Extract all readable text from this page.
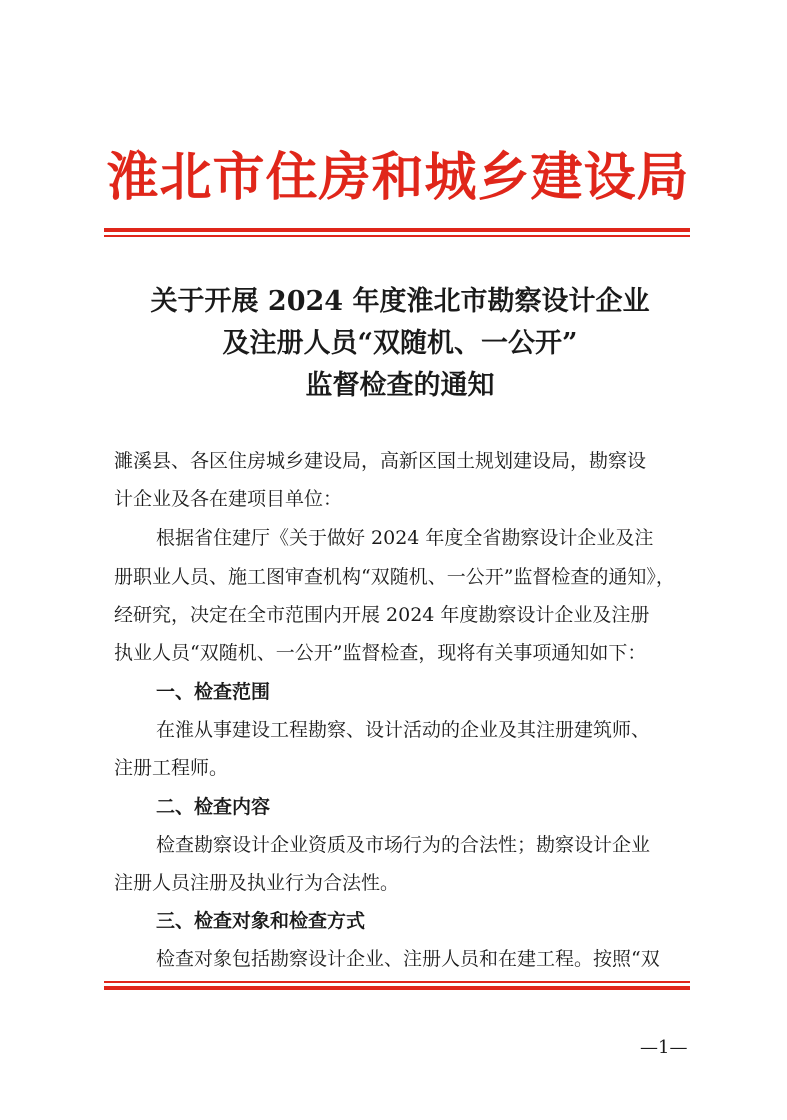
淮北市住房和城乡建设局
关于开展 2024 年度淮北市勘察设计企业
及注册人员“双随机、一公开”
监督检查的通知
濉溪县、各区住房城乡建设局，高新区国土规划建设局，勘察设
计企业及各在建项目单位：
根据省住建厅《关于做好 2024 年度全省勘察设计企业及注
册职业人员、施工图审查机构“双随机、一公开”监督检查的通知》，
经研究，决定在全市范围内开展 2024 年度勘察设计企业及注册
执业人员“双随机、一公开”监督检查，现将有关事项通知如下：
一、检查范围
在淮从事建设工程勘察、设计活动的企业及其注册建筑师、
注册工程师。
二、检查内容
检查勘察设计企业资质及市场行为的合法性；勘察设计企业
注册人员注册及执业行为合法性。
三、检查对象和检查方式
检查对象包括勘察设计企业、注册人员和在建工程。按照“双
—1—
